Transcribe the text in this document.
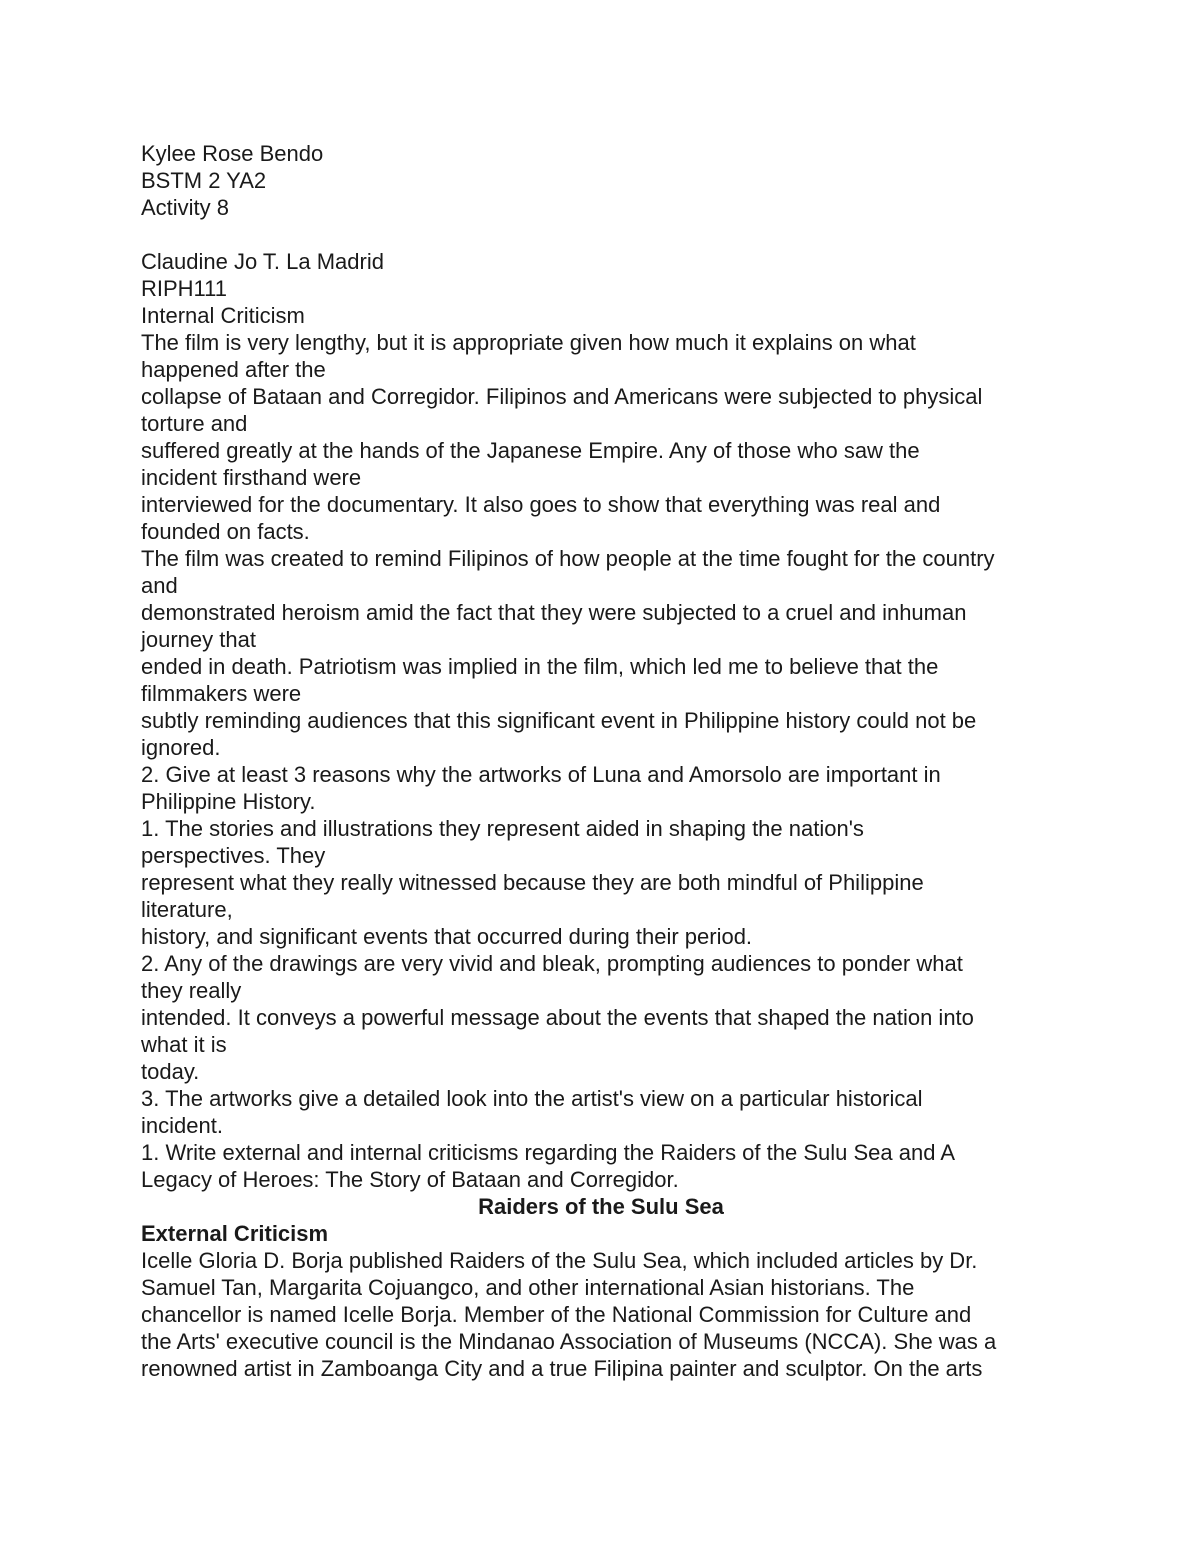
Kylee Rose Bendo
BSTM 2 YA2
Activity 8
Claudine Jo T. La Madrid
RIPH111
Internal Criticism
The film is very lengthy, but it is appropriate given how much it explains on what
happened after the
collapse of Bataan and Corregidor. Filipinos and Americans were subjected to physical
torture and
suffered greatly at the hands of the Japanese Empire. Any of those who saw the
incident firsthand were
interviewed for the documentary. It also goes to show that everything was real and
founded on facts.
The film was created to remind Filipinos of how people at the time fought for the country
and
demonstrated heroism amid the fact that they were subjected to a cruel and inhuman
journey that
ended in death. Patriotism was implied in the film, which led me to believe that the
filmmakers were
subtly reminding audiences that this significant event in Philippine history could not be
ignored.
2. Give at least 3 reasons why the artworks of Luna and Amorsolo are important in
Philippine History.
1. The stories and illustrations they represent aided in shaping the nation's
perspectives. They
represent what they really witnessed because they are both mindful of Philippine
literature,
history, and significant events that occurred during their period.
2. Any of the drawings are very vivid and bleak, prompting audiences to ponder what
they really
intended. It conveys a powerful message about the events that shaped the nation into
what it is
today.
3. The artworks give a detailed look into the artist's view on a particular historical
incident.
1. Write external and internal criticisms regarding the Raiders of the Sulu Sea and A
Legacy of Heroes: The Story of Bataan and Corregidor.
Raiders of the Sulu Sea
External Criticism
Icelle Gloria D. Borja published Raiders of the Sulu Sea, which included articles by Dr.
Samuel Tan, Margarita Cojuangco, and other international Asian historians. The
chancellor is named Icelle Borja. Member of the National Commission for Culture and
the Arts' executive council is the Mindanao Association of Museums (NCCA). She was a
renowned artist in Zamboanga City and a true Filipina painter and sculptor. On the arts
